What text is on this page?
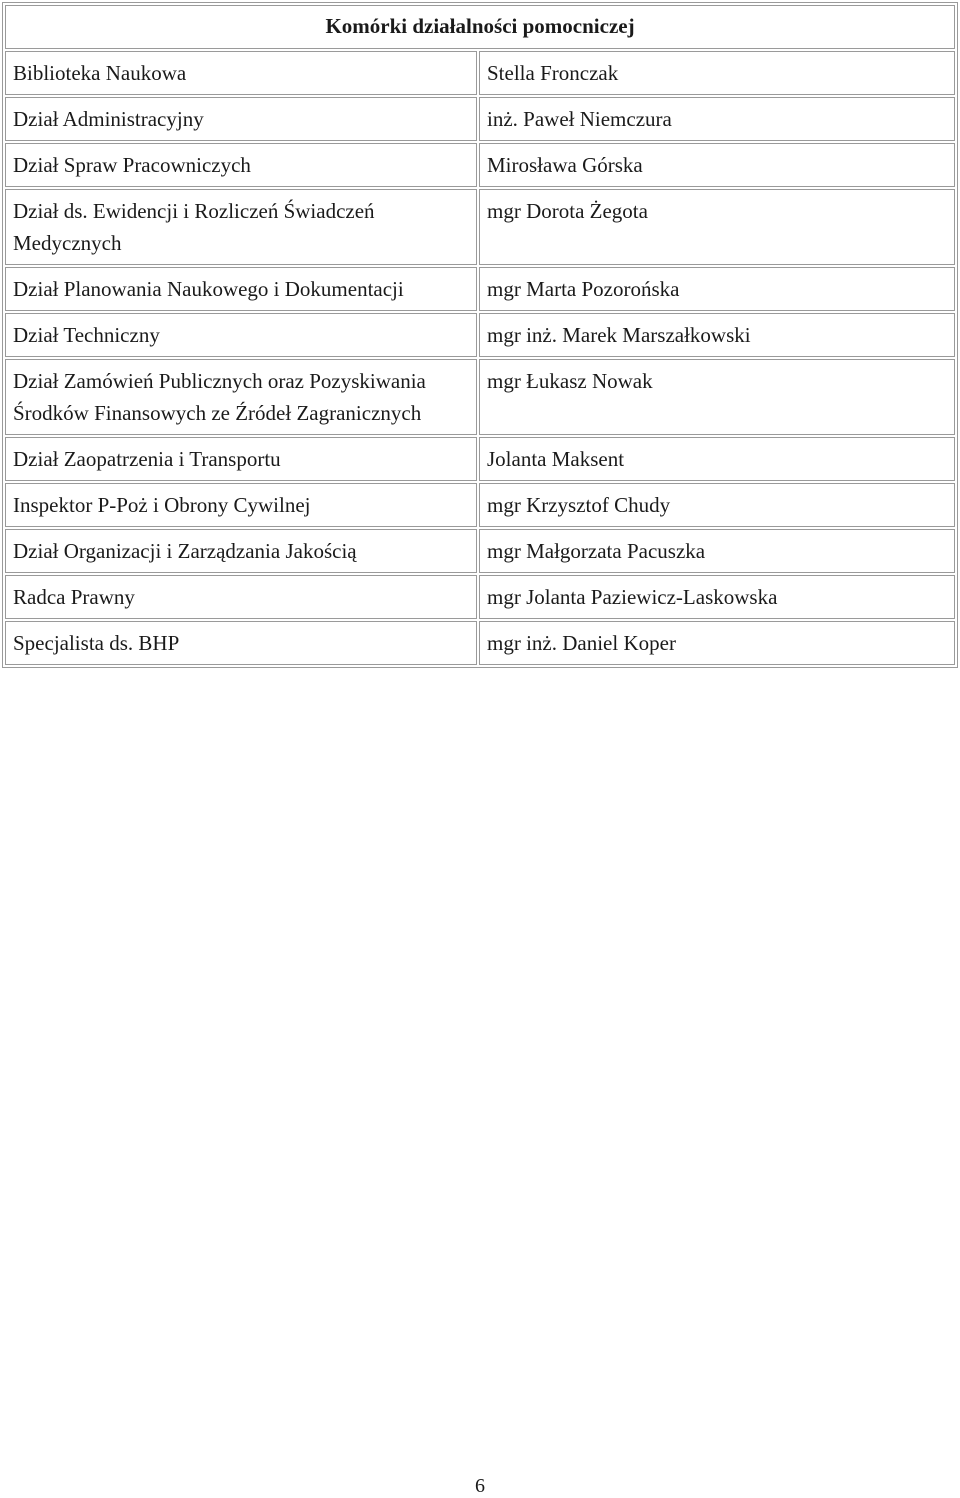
Komórki działalności pomocniczej	
Biblioteka Naukowa	Stella Fronczak
Dział Administracyjny	inż. Paweł Niemczura
Dział Spraw Pracowniczych	Mirosława Górska
Dział ds. Ewidencji i Rozliczeń Świadczeń Medycznych	mgr Dorota Żegota
Dział Planowania Naukowego i Dokumentacji	mgr Marta Pozorońska
Dział Techniczny	mgr inż. Marek Marszałkowski
Dział Zamówień Publicznych oraz Pozyskiwania Środków Finansowych ze Źródeł Zagranicznych	mgr Łukasz Nowak
Dział Zaopatrzenia i Transportu	Jolanta Maksent
Inspektor P-Poż i Obrony Cywilnej	mgr Krzysztof Chudy
Dział Organizacji i Zarządzania Jakością	mgr Małgorzata Pacuszka
Radca Prawny	mgr Jolanta Paziewicz-Laskowska
Specjalista ds. BHP	mgr inż. Daniel Koper
6
